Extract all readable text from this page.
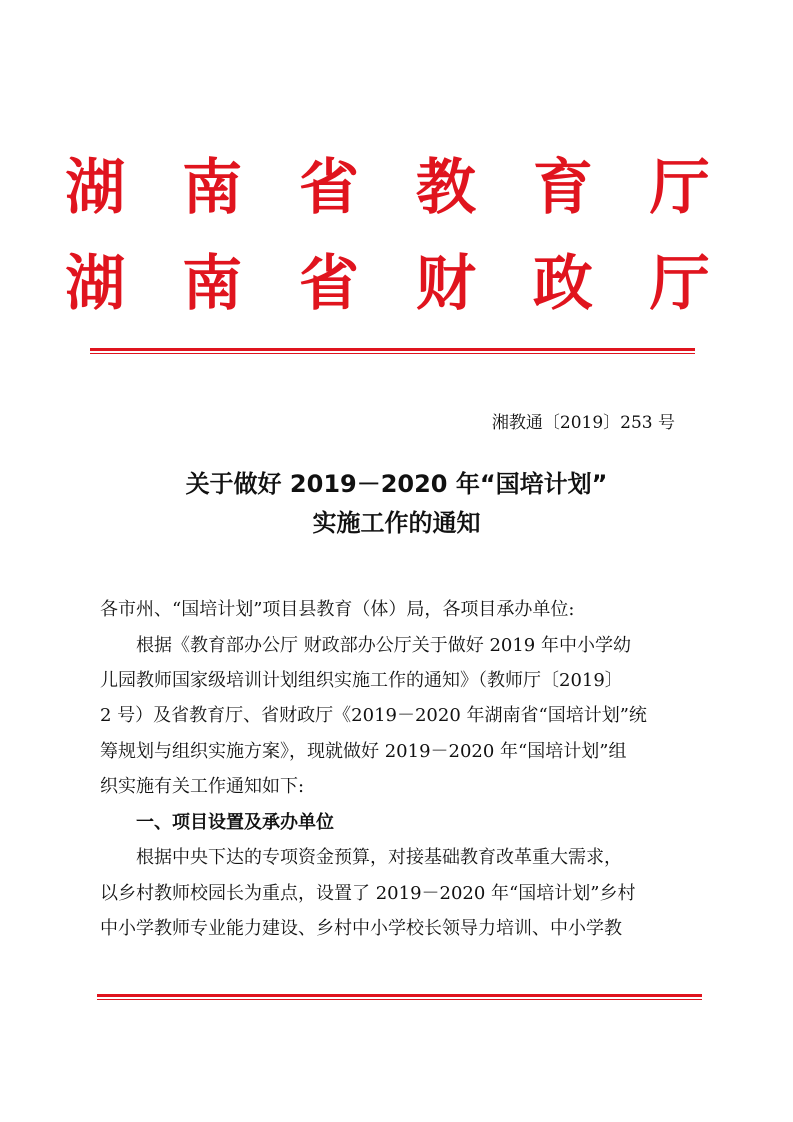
湖 南 省 教 育 厅
湖 南 省 财 政 厅
湘教通〔2019〕253 号
关于做好 2019－2020 年“国培计划”
实施工作的通知
各市州、“国培计划”项目县教育（体）局，各项目承办单位:
　　根据《教育部办公厅 财政部办公厅关于做好 2019 年中小学幼
儿园教师国家级培训计划组织实施工作的通知》（教师厅〔2019〕
2 号）及省教育厅、省财政厅《2019－2020 年湖南省“国培计划”统
筹规划与组织实施方案》，现就做好 2019－2020 年“国培计划”组
织实施有关工作通知如下:
　　一、项目设置及承办单位
　　根据中央下达的专项资金预算，对接基础教育改革重大需求，
以乡村教师校园长为重点，设置了 2019－2020 年“国培计划”乡村
中小学教师专业能力建设、乡村中小学校长领导力培训、中小学教
